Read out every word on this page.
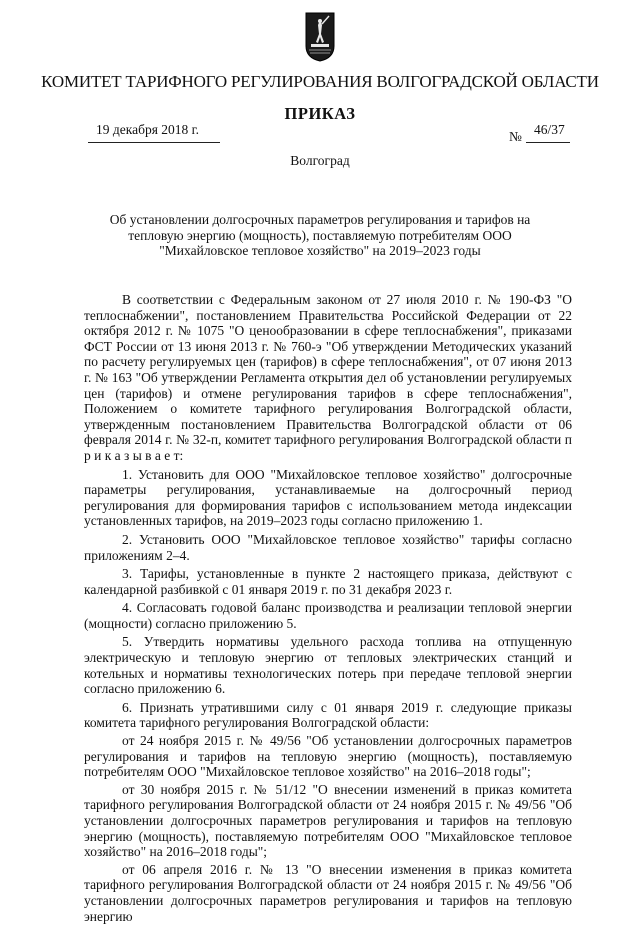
КОМИТЕТ ТАРИФНОГО РЕГУЛИРОВАНИЯ ВОЛГОГРАДСКОЙ ОБЛАСТИ
ПРИКАЗ
19 декабря 2018 г.	№ 46/37
Волгоград
Об установлении долгосрочных параметров регулирования и тарифов на тепловую энергию (мощность), поставляемую потребителям ООО "Михайловское тепловое хозяйство" на 2019–2023 годы

В соответствии с Федеральным законом от 27 июля 2010 г. № 190-ФЗ "О теплоснабжении", постановлением Правительства Российской Федерации от 22 октября 2012 г. № 1075 "О ценообразовании в сфере теплоснабжения", приказами ФСТ России от 13 июня 2013 г. № 760-э "Об утверждении Методических указаний по расчету регулируемых цен (тарифов) в сфере теплоснабжения", от 07 июня 2013 г. № 163 "Об утверждении Регламента открытия дел об установлении регулируемых цен (тарифов) и отмене регулирования тарифов в сфере теплоснабжения", Положением о комитете тарифного регулирования Волгоградской области, утвержденным постановлением Правительства Волгоградской области от 06 февраля 2014 г. № 32-п, комитет тарифного регулирования Волгоградской области п р и к а з ы в а е т:

1. Установить для ООО "Михайловское тепловое хозяйство" долгосрочные параметры регулирования, устанавливаемые на долгосрочный период регулирования для формирования тарифов с использованием метода индексации установленных тарифов, на 2019–2023 годы согласно приложению 1.

2. Установить ООО "Михайловское тепловое хозяйство" тарифы согласно приложениям 2–4.

3. Тарифы, установленные в пункте 2 настоящего приказа, действуют с календарной разбивкой с 01 января 2019 г. по 31 декабря 2023 г.

4. Согласовать годовой баланс производства и реализации тепловой энергии (мощности) согласно приложению 5.

5. Утвердить нормативы удельного расхода топлива на отпущенную электрическую и тепловую энергию от тепловых электрических станций и котельных и нормативы технологических потерь при передаче тепловой энергии согласно приложению 6.

6. Признать утратившими силу с 01 января 2019 г. следующие приказы комитета тарифного регулирования Волгоградской области:

от 24 ноября 2015 г. № 49/56 "Об установлении долгосрочных параметров регулирования и тарифов на тепловую энергию (мощность), поставляемую потребителям ООО "Михайловское тепловое хозяйство" на 2016–2018 годы";

от 30 ноября 2015 г. № 51/12 "О внесении изменений в приказ комитета тарифного регулирования Волгоградской области от 24 ноября 2015 г. № 49/56 "Об установлении долгосрочных параметров регулирования и тарифов на тепловую энергию (мощность), поставляемую потребителям ООО "Михайловское тепловое хозяйство" на 2016–2018 годы";

от 06 апреля 2016 г. № 13 "О внесении изменения в приказ комитета тарифного регулирования Волгоградской области от 24 ноября 2015 г. № 49/56 "Об установлении долгосрочных параметров регулирования и тарифов на тепловую энергию
